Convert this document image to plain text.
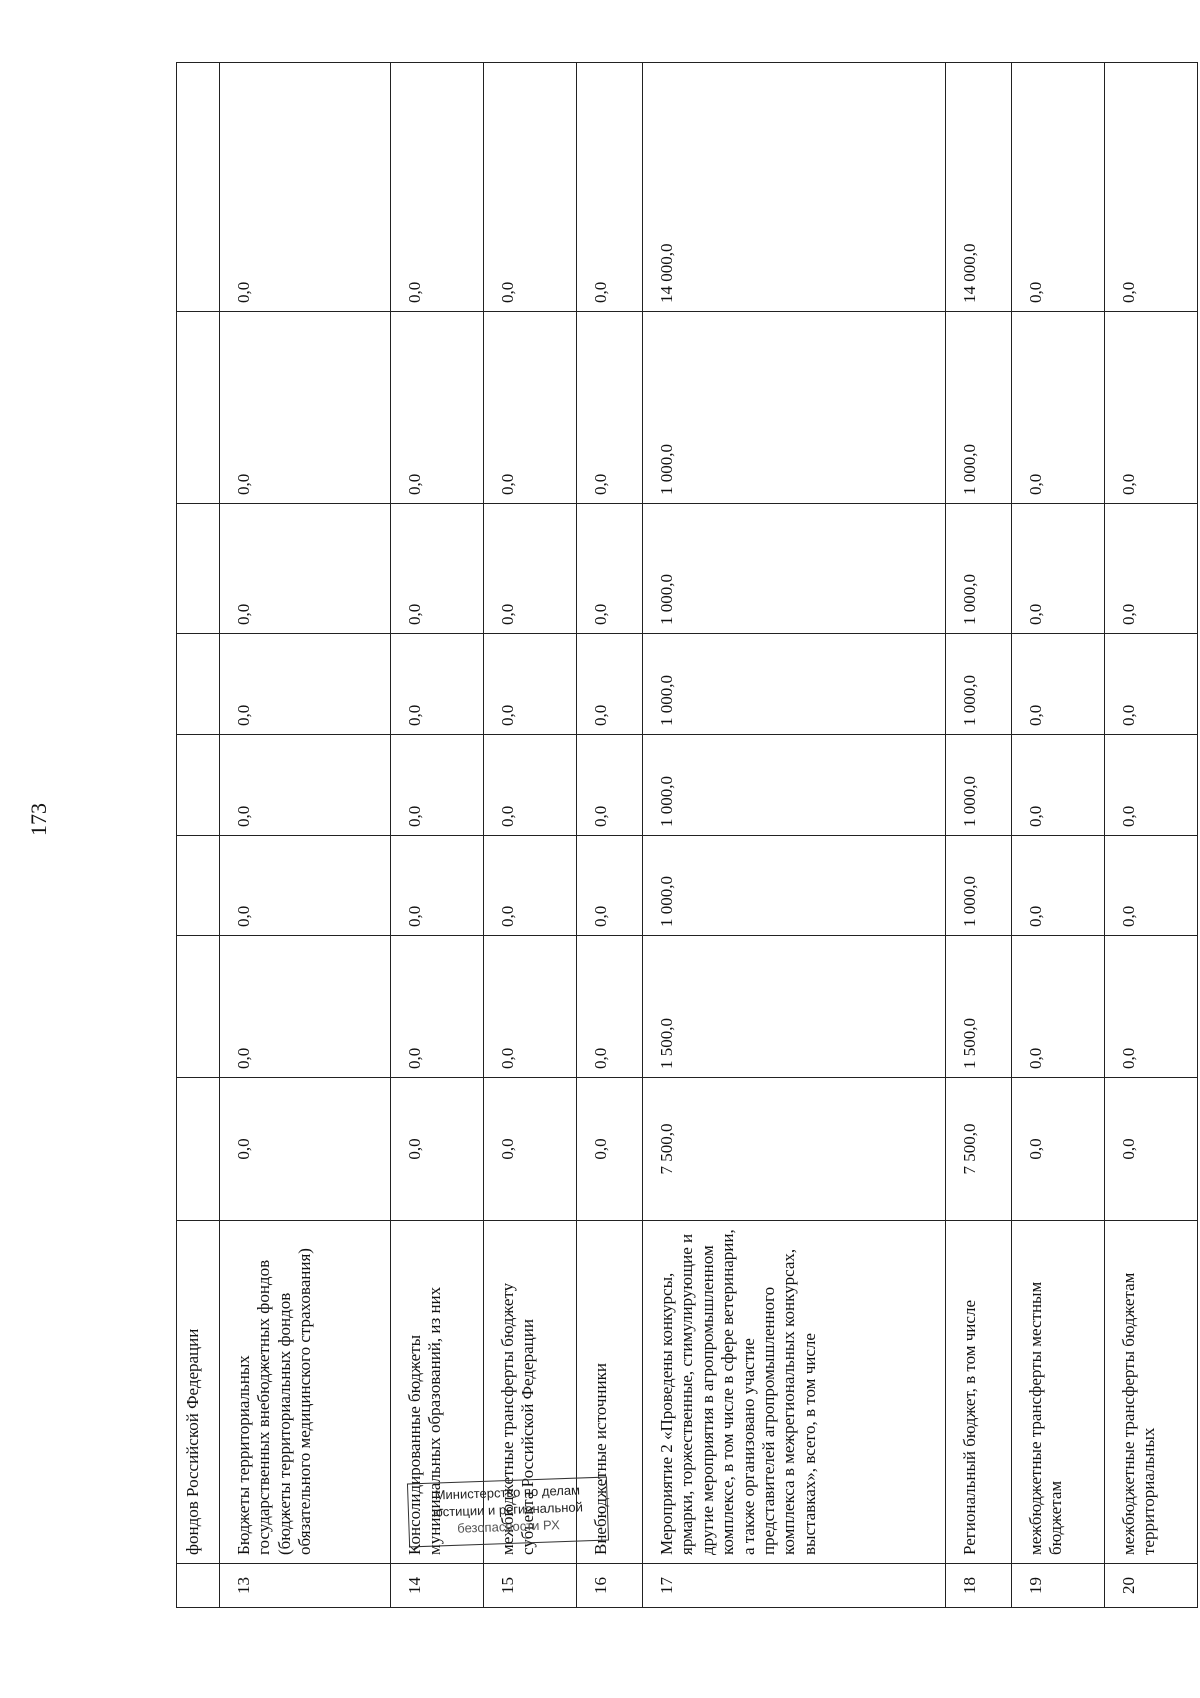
173
	фондов Российской Федерации								
13	Бюджеты территориальных государственных внебюджетных фондов (бюджеты территориальных фондов обязательного медицинского страхования)	0,0	0,0	0,0	0,0	0,0	0,0	0,0	0,0
14	Консолидированные бюджеты муниципальных образований, из них	0,0	0,0	0,0	0,0	0,0	0,0	0,0	0,0
15	межбюджетные трансферты бюджету субъекта Российской Федерации	0,0	0,0	0,0	0,0	0,0	0,0	0,0	0,0
16	Внебюджетные источники	0,0	0,0	0,0	0,0	0,0	0,0	0,0	0,0
17	Мероприятие 2 «Проведены конкурсы, ярмарки, торжественные, стимулирующие и другие мероприятия в агропромышленном комплексе, в том числе в сфере ветеринарии, а также организовано участие представителей агропромышленного комплекса в межрегиональных конкурсах, выставках», всего, в том числе	7 500,0	1 500,0	1 000,0	1 000,0	1 000,0	1 000,0	1 000,0	14 000,0
18	Региональный бюджет, в том числе	7 500,0	1 500,0	1 000,0	1 000,0	1 000,0	1 000,0	1 000,0	14 000,0
19	межбюджетные трансферты местным бюджетам	0,0	0,0	0,0	0,0	0,0	0,0	0,0	0,0
20	межбюджетные трансферты бюджетам территориальных	0,0	0,0	0,0	0,0	0,0	0,0	0,0	0,0
Министерство по делам
юстиции и региональной
безопасности РХ
